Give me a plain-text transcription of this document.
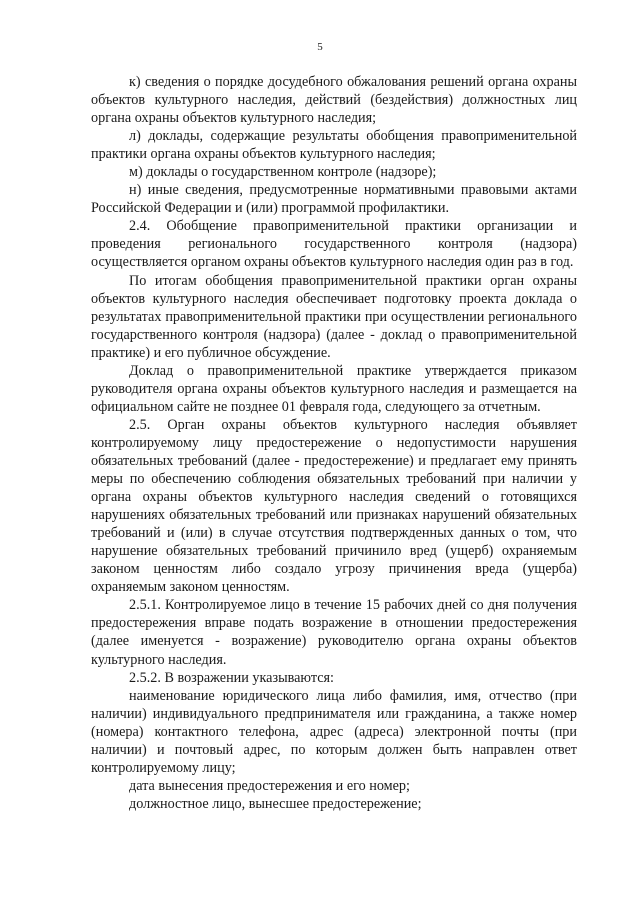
5

к) сведения о порядке досудебного обжалования решений органа охраны объектов культурного наследия, действий (бездействия) должностных лиц органа охраны объектов культурного наследия;

л) доклады, содержащие результаты обобщения правоприменительной практики органа охраны объектов культурного наследия;

м) доклады о государственном контроле (надзоре);

н) иные сведения, предусмотренные нормативными правовыми актами Российской Федерации и (или) программой профилактики.

2.4. Обобщение правоприменительной практики организации и проведения регионального государственного контроля (надзора) осуществляется органом охраны объектов культурного наследия один раз в год.

По итогам обобщения правоприменительной практики орган охраны объектов культурного наследия обеспечивает подготовку проекта доклада о результатах правоприменительной практики при осуществлении регионального государственного контроля (надзора) (далее - доклад о правоприменительной практике) и его публичное обсуждение.

Доклад о правоприменительной практике утверждается приказом руководителя органа охраны объектов культурного наследия и размещается на официальном сайте не позднее 01 февраля года, следующего за отчетным.

2.5. Орган охраны объектов культурного наследия объявляет контролируемому лицу предостережение о недопустимости нарушения обязательных требований (далее - предостережение) и предлагает ему принять меры по обеспечению соблюдения обязательных требований при наличии у органа охраны объектов культурного наследия сведений о готовящихся нарушениях обязательных требований или признаках нарушений обязательных требований и (или) в случае отсутствия подтвержденных данных о том, что нарушение обязательных требований причинило вред (ущерб) охраняемым законом ценностям либо создало угрозу причинения вреда (ущерба) охраняемым законом ценностям.

2.5.1. Контролируемое лицо в течение 15 рабочих дней со дня получения предостережения вправе подать возражение в отношении предостережения (далее именуется - возражение) руководителю органа охраны объектов культурного наследия.

2.5.2. В возражении указываются:

наименование юридического лица либо фамилия, имя, отчество (при наличии) индивидуального предпринимателя или гражданина, а также номер (номера) контактного телефона, адрес (адреса) электронной почты (при наличии) и почтовый адрес, по которым должен быть направлен ответ контролируемому лицу;

дата вынесения предостережения и его номер;

должностное лицо, вынесшее предостережение;
